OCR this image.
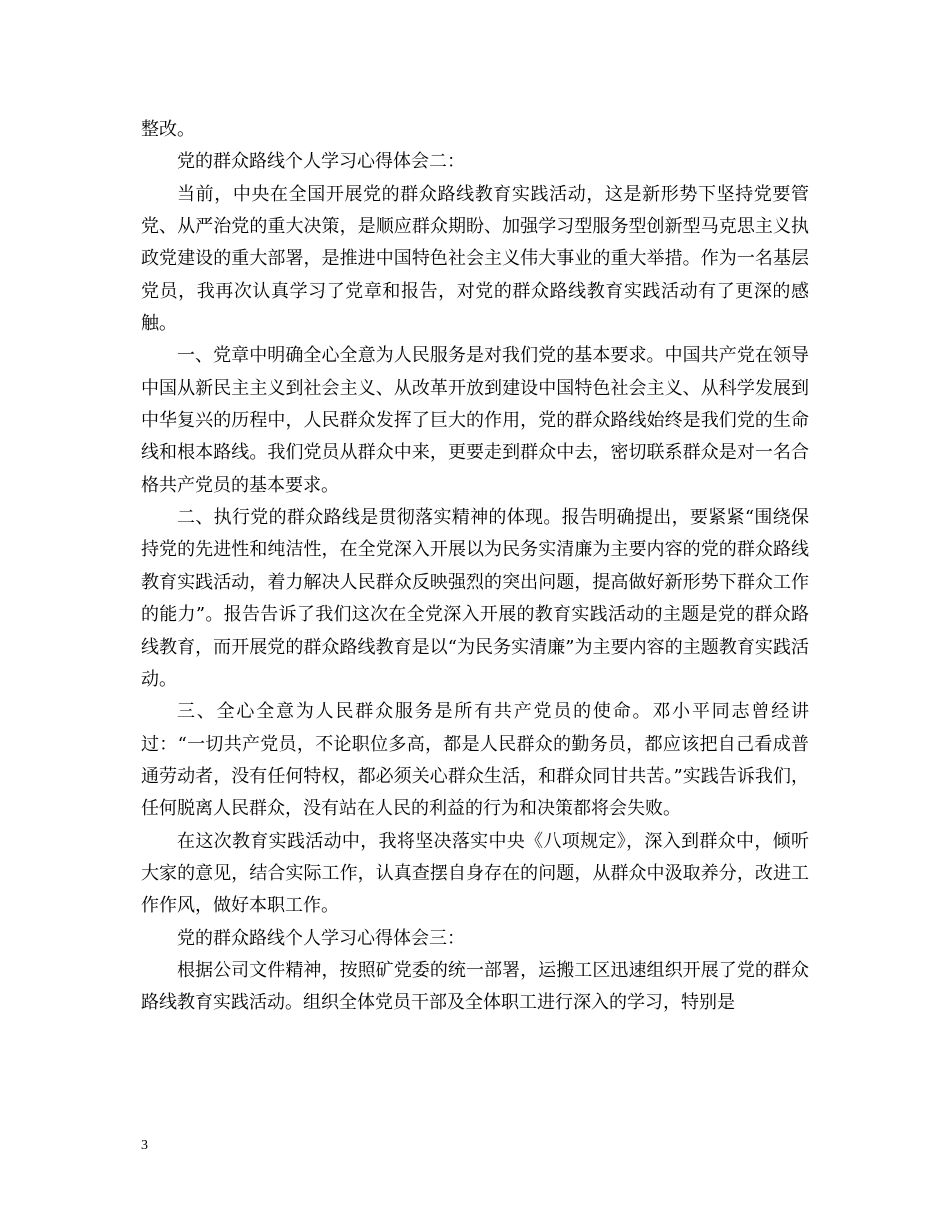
整改。

党的群众路线个人学习心得体会二：

当前，中央在全国开展党的群众路线教育实践活动，这是新形势下坚持党要管党、从严治党的重大决策，是顺应群众期盼、加强学习型服务型创新型马克思主义执政党建设的重大部署，是推进中国特色社会主义伟大事业的重大举措。作为一名基层党员，我再次认真学习了党章和报告，对党的群众路线教育实践活动有了更深的感触。

一、党章中明确全心全意为人民服务是对我们党的基本要求。中国共产党在领导中国从新民主主义到社会主义、从改革开放到建设中国特色社会主义、从科学发展到中华复兴的历程中，人民群众发挥了巨大的作用，党的群众路线始终是我们党的生命线和根本路线。我们党员从群众中来，更要走到群众中去，密切联系群众是对一名合格共产党员的基本要求。

二、执行党的群众路线是贯彻落实精神的体现。报告明确提出，要紧紧“围绕保持党的先进性和纯洁性，在全党深入开展以为民务实清廉为主要内容的党的群众路线教育实践活动，着力解决人民群众反映强烈的突出问题，提高做好新形势下群众工作的能力”。报告告诉了我们这次在全党深入开展的教育实践活动的主题是党的群众路线教育，而开展党的群众路线教育是以“为民务实清廉”为主要内容的主题教育实践活动。

三、全心全意为人民群众服务是所有共产党员的使命。邓小平同志曾经讲过：“一切共产党员，不论职位多高，都是人民群众的勤务员，都应该把自己看成普通劳动者，没有任何特权，都必须关心群众生活，和群众同甘共苦。”实践告诉我们，任何脱离人民群众，没有站在人民的利益的行为和决策都将会失败。

在这次教育实践活动中，我将坚决落实中央《八项规定》，深入到群众中，倾听大家的意见，结合实际工作，认真查摆自身存在的问题，从群众中汲取养分，改进工作作风，做好本职工作。

党的群众路线个人学习心得体会三：

根据公司文件精神，按照矿党委的统一部署，运搬工区迅速组织开展了党的群众路线教育实践活动。组织全体党员干部及全体职工进行深入的学习，特别是

3
